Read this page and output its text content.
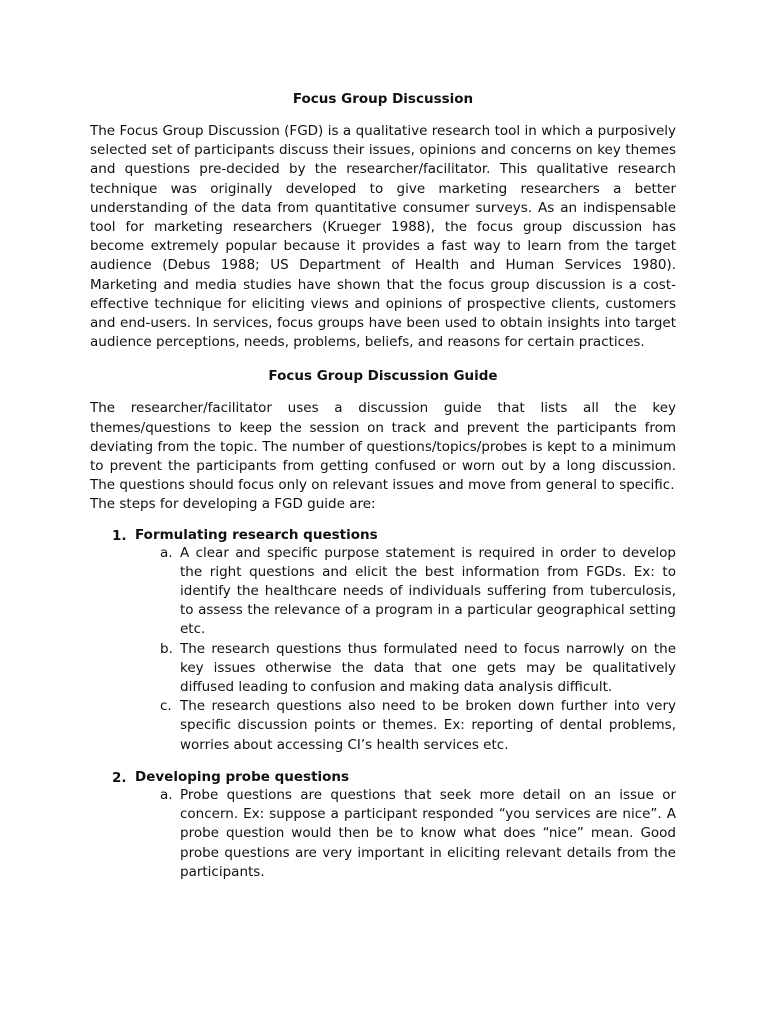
Focus Group Discussion

The Focus Group Discussion (FGD) is a qualitative research tool in which a purposively selected set of participants discuss their issues, opinions and concerns on key themes and questions pre-decided by the researcher/facilitator. This qualitative research technique was originally developed to give marketing researchers a better understanding of the data from quantitative consumer surveys. As an indispensable tool for marketing researchers (Krueger 1988), the focus group discussion has become extremely popular because it provides a fast way to learn from the target audience (Debus 1988; US Department of Health and Human Services 1980). Marketing and media studies have shown that the focus group discussion is a cost-effective technique for eliciting views and opinions of prospective clients, customers and end-users. In services, focus groups have been used to obtain insights into target audience perceptions, needs, problems, beliefs, and reasons for certain practices.

Focus Group Discussion Guide

The researcher/facilitator uses a discussion guide that lists all the key themes/questions to keep the session on track and prevent the participants from deviating from the topic. The number of questions/topics/probes is kept to a minimum to prevent the participants from getting confused or worn out by a long discussion. The questions should focus only on relevant issues and move from general to specific.

The steps for developing a FGD guide are:

1. Formulating research questions
a. A clear and specific purpose statement is required in order to develop the right questions and elicit the best information from FGDs. Ex: to identify the healthcare needs of individuals suffering from tuberculosis, to assess the relevance of a program in a particular geographical setting etc.
b. The research questions thus formulated need to focus narrowly on the key issues otherwise the data that one gets may be qualitatively diffused leading to confusion and making data analysis difficult.
c. The research questions also need to be broken down further into very specific discussion points or themes. Ex: reporting of dental problems, worries about accessing CI’s health services etc.
2. Developing probe questions
a. Probe questions are questions that seek more detail on an issue or concern. Ex: suppose a participant responded “you services are nice”. A probe question would then be to know what does “nice” mean. Good probe questions are very important in eliciting relevant details from the participants.
